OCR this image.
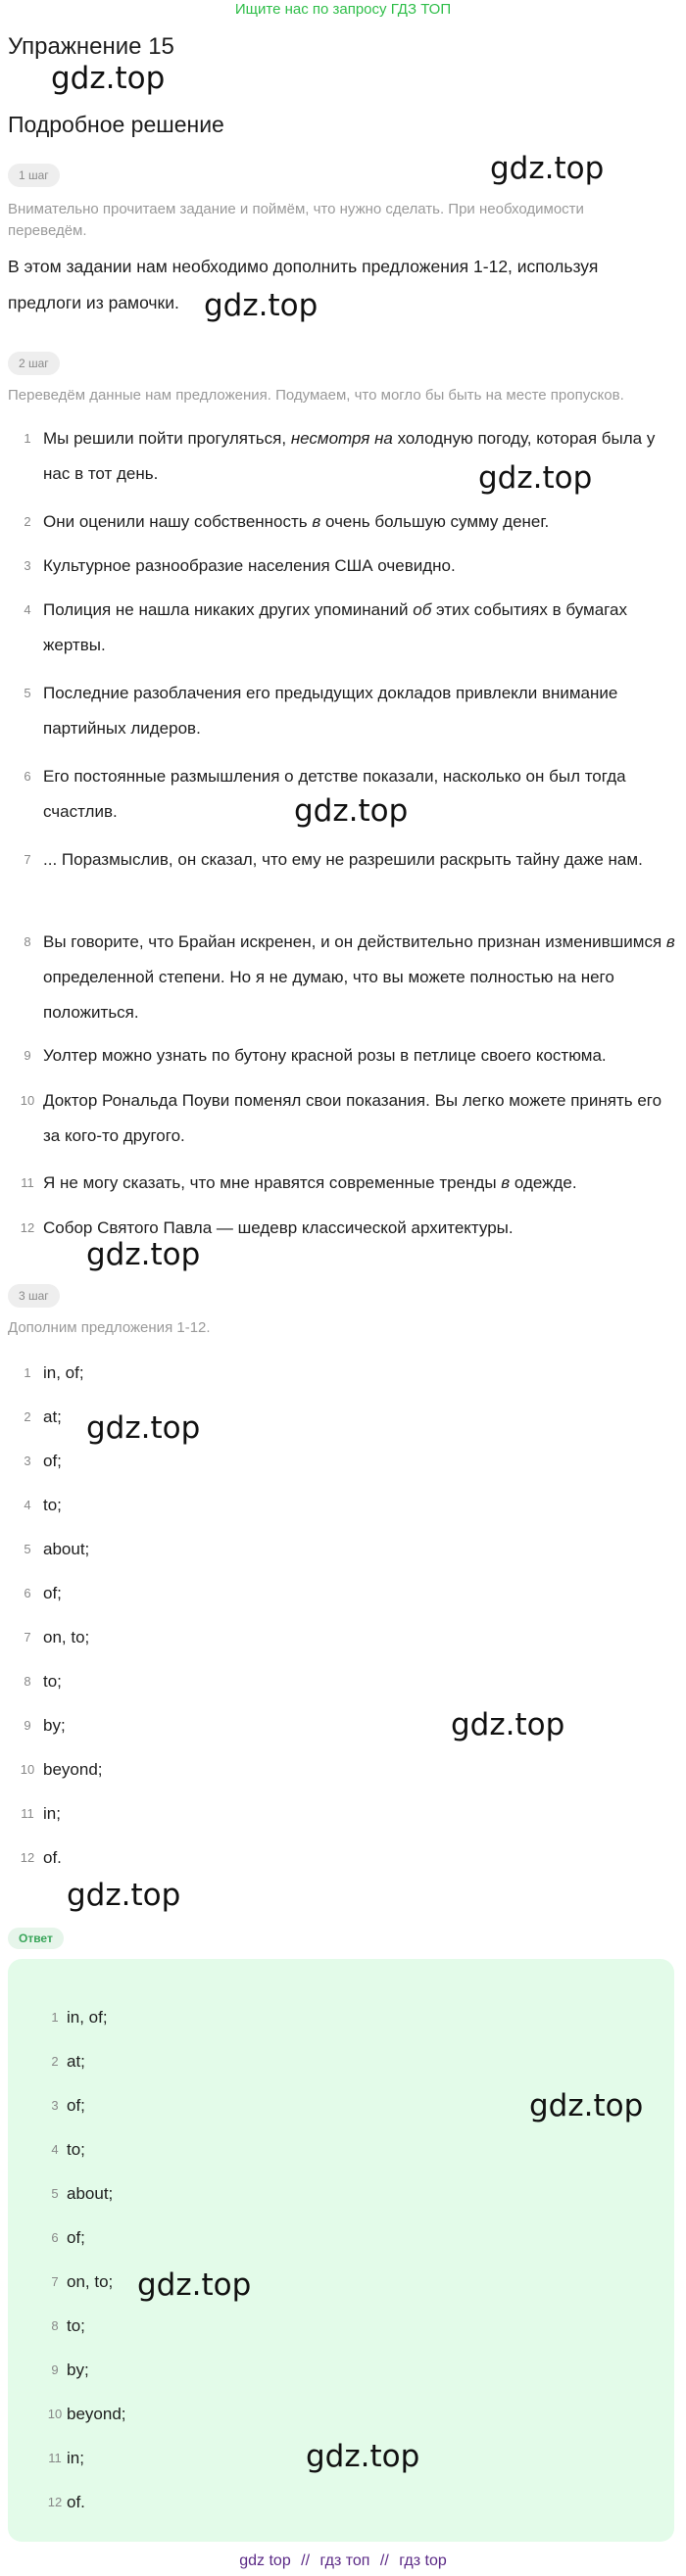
Ищите нас по запросу ГДЗ ТОП
Упражнение 15
gdz.top
Подробное решение
gdz.top
1 шаг
Внимательно прочитаем задание и поймём, что нужно сделать. При необходимости переведём.
В этом задании нам необходимо дополнить предложения 1-12, используя предлоги из рамочки. gdz.top
2 шаг
Переведём данные нам предложения. Подумаем, что могло бы быть на месте пропусков.
1 Мы решили пойти прогуляться, несмотря на холодную погоду, которая была у нас в тот день.
2 Они оценили нашу собственность в очень большую сумму денег.
3 Культурное разнообразие населения США очевидно.
4 Полиция не нашла никаких других упоминаний об этих событиях в бумагах жертвы.
5 Последние разоблачения его предыдущих докладов привлекли внимание партийных лидеров.
6 Его постоянные размышления о детстве показали, насколько он был тогда счастлив.
7 ... Поразмыслив, он сказал, что ему не разрешили раскрыть тайну даже нам.
8 Вы говорите, что Брайан искренен, и он действительно признан изменившимся в определенной степени. Но я не думаю, что вы можете полностью на него положиться.
9 Уолтер можно узнать по бутону красной розы в петлице своего костюма.
10 Доктор Рональда Поуви поменял свои показания. Вы легко можете принять его за кого-то другого.
11 Я не могу сказать, что мне нравятся современные тренды в одежде.
12 Собор Святого Павла — шедевр классической архитектуры.
gdz.top
gdz.top
gdz.top
3 шаг
Дополним предложения 1-12.
1 in, of;
2 at;
3 of;
4 to;
5 about;
6 of;
7 on, to;
8 to;
9 by;
10 beyond;
11 in;
12 of.
gdz.top
gdz.top
gdz.top
Ответ
1 in, of;
2 at;
3 of;
4 to;
5 about;
6 of;
7 on, to;
8 to;
9 by;
10 beyond;
11 in;
12 of.
gdz.top
gdz.top
gdz.top
gdz top // гдз топ // гдз top
